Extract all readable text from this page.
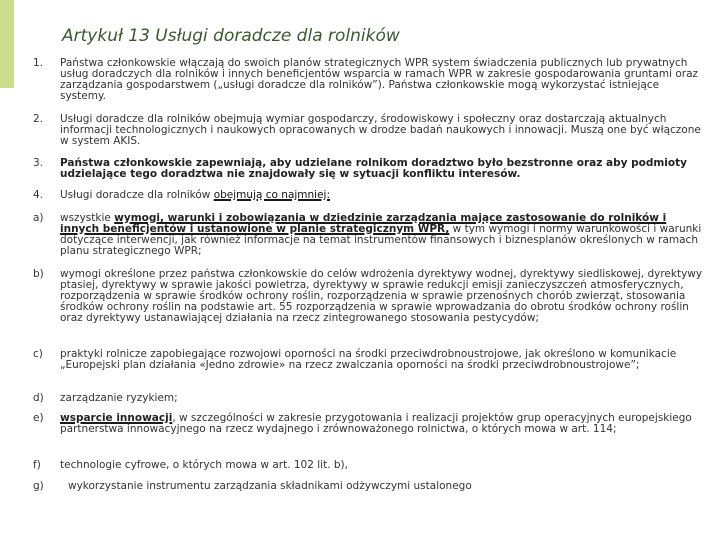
Artykuł 13 Usługi doradcze dla rolników
1.	Państwa członkowskie włączają do swoich planów strategicznych WPR system świadczenia publicznych lub prywatnych usług doradczych dla rolników i innych beneficjentów wsparcia w ramach WPR w zakresie gospodarowania gruntami oraz zarządzania gospodarstwem („usługi doradcze dla rolników”). Państwa członkowskie mogą wykorzystać istniejące systemy.
2.	Usługi doradcze dla rolników obejmują wymiar gospodarczy, środowiskowy i społeczny oraz dostarczają aktualnych informacji technologicznych i naukowych opracowanych w drodze badań naukowych i innowacji. Muszą one być włączone w system AKIS.
3.	Państwa członkowskie zapewniają, aby udzielane rolnikom doradztwo było bezstronne oraz aby podmioty udzielające tego doradztwa nie znajdowały się w sytuacji konfliktu interesów.
4.	Usługi doradcze dla rolników obejmują co najmniej:
a)	wszystkie wymogi, warunki i zobowiązania w dziedzinie zarządzania mające zastosowanie do rolników i innych beneficjentów i ustanowione w planie strategicznym WPR, w tym wymogi i normy warunkowości i warunki dotyczące interwencji, jak również informacje na temat instrumentów finansowych i biznesplanów określonych w ramach planu strategicznego WPR;
b)	wymogi określone przez państwa członkowskie do celów wdrożenia dyrektywy wodnej, dyrektywy siedliskowej, dyrektywy ptasiej, dyrektywy w sprawie jakości powietrza, dyrektywy w sprawie redukcji emisji zanieczyszczeń atmosferycznych, rozporządzenia w sprawie środków ochrony roślin, rozporządzenia w sprawie przenośnych chorób zwierząt, stosowania środków ochrony roślin na podstawie art. 55 rozporządzenia w sprawie wprowadzania do obrotu środków ochrony roślin oraz dyrektywy ustanawiającej działania na rzecz zintegrowanego stosowania pestycydów;
c)	praktyki rolnicze zapobiegające rozwojowi oporności na środki przeciwdrobnoustrojowe, jak określono w komunikacie „Europejski plan działania «Jedno zdrowie» na rzecz zwalczania oporności na środki przeciwdrobnoustrojowe”;
d)	zarządzanie ryzykiem;
e)	wsparcie innowacji, w szczególności w zakresie przygotowania i realizacji projektów grup operacyjnych europejskiego partnerstwa innowacyjnego na rzecz wydajnego i zrównoważonego rolnictwa, o których mowa w art. 114;
f)	technologie cyfrowe, o których mowa w art. 102 lit. b),
g)	wykorzystanie instrumentu zarządzania składnikami odżywczymi ustalonego
